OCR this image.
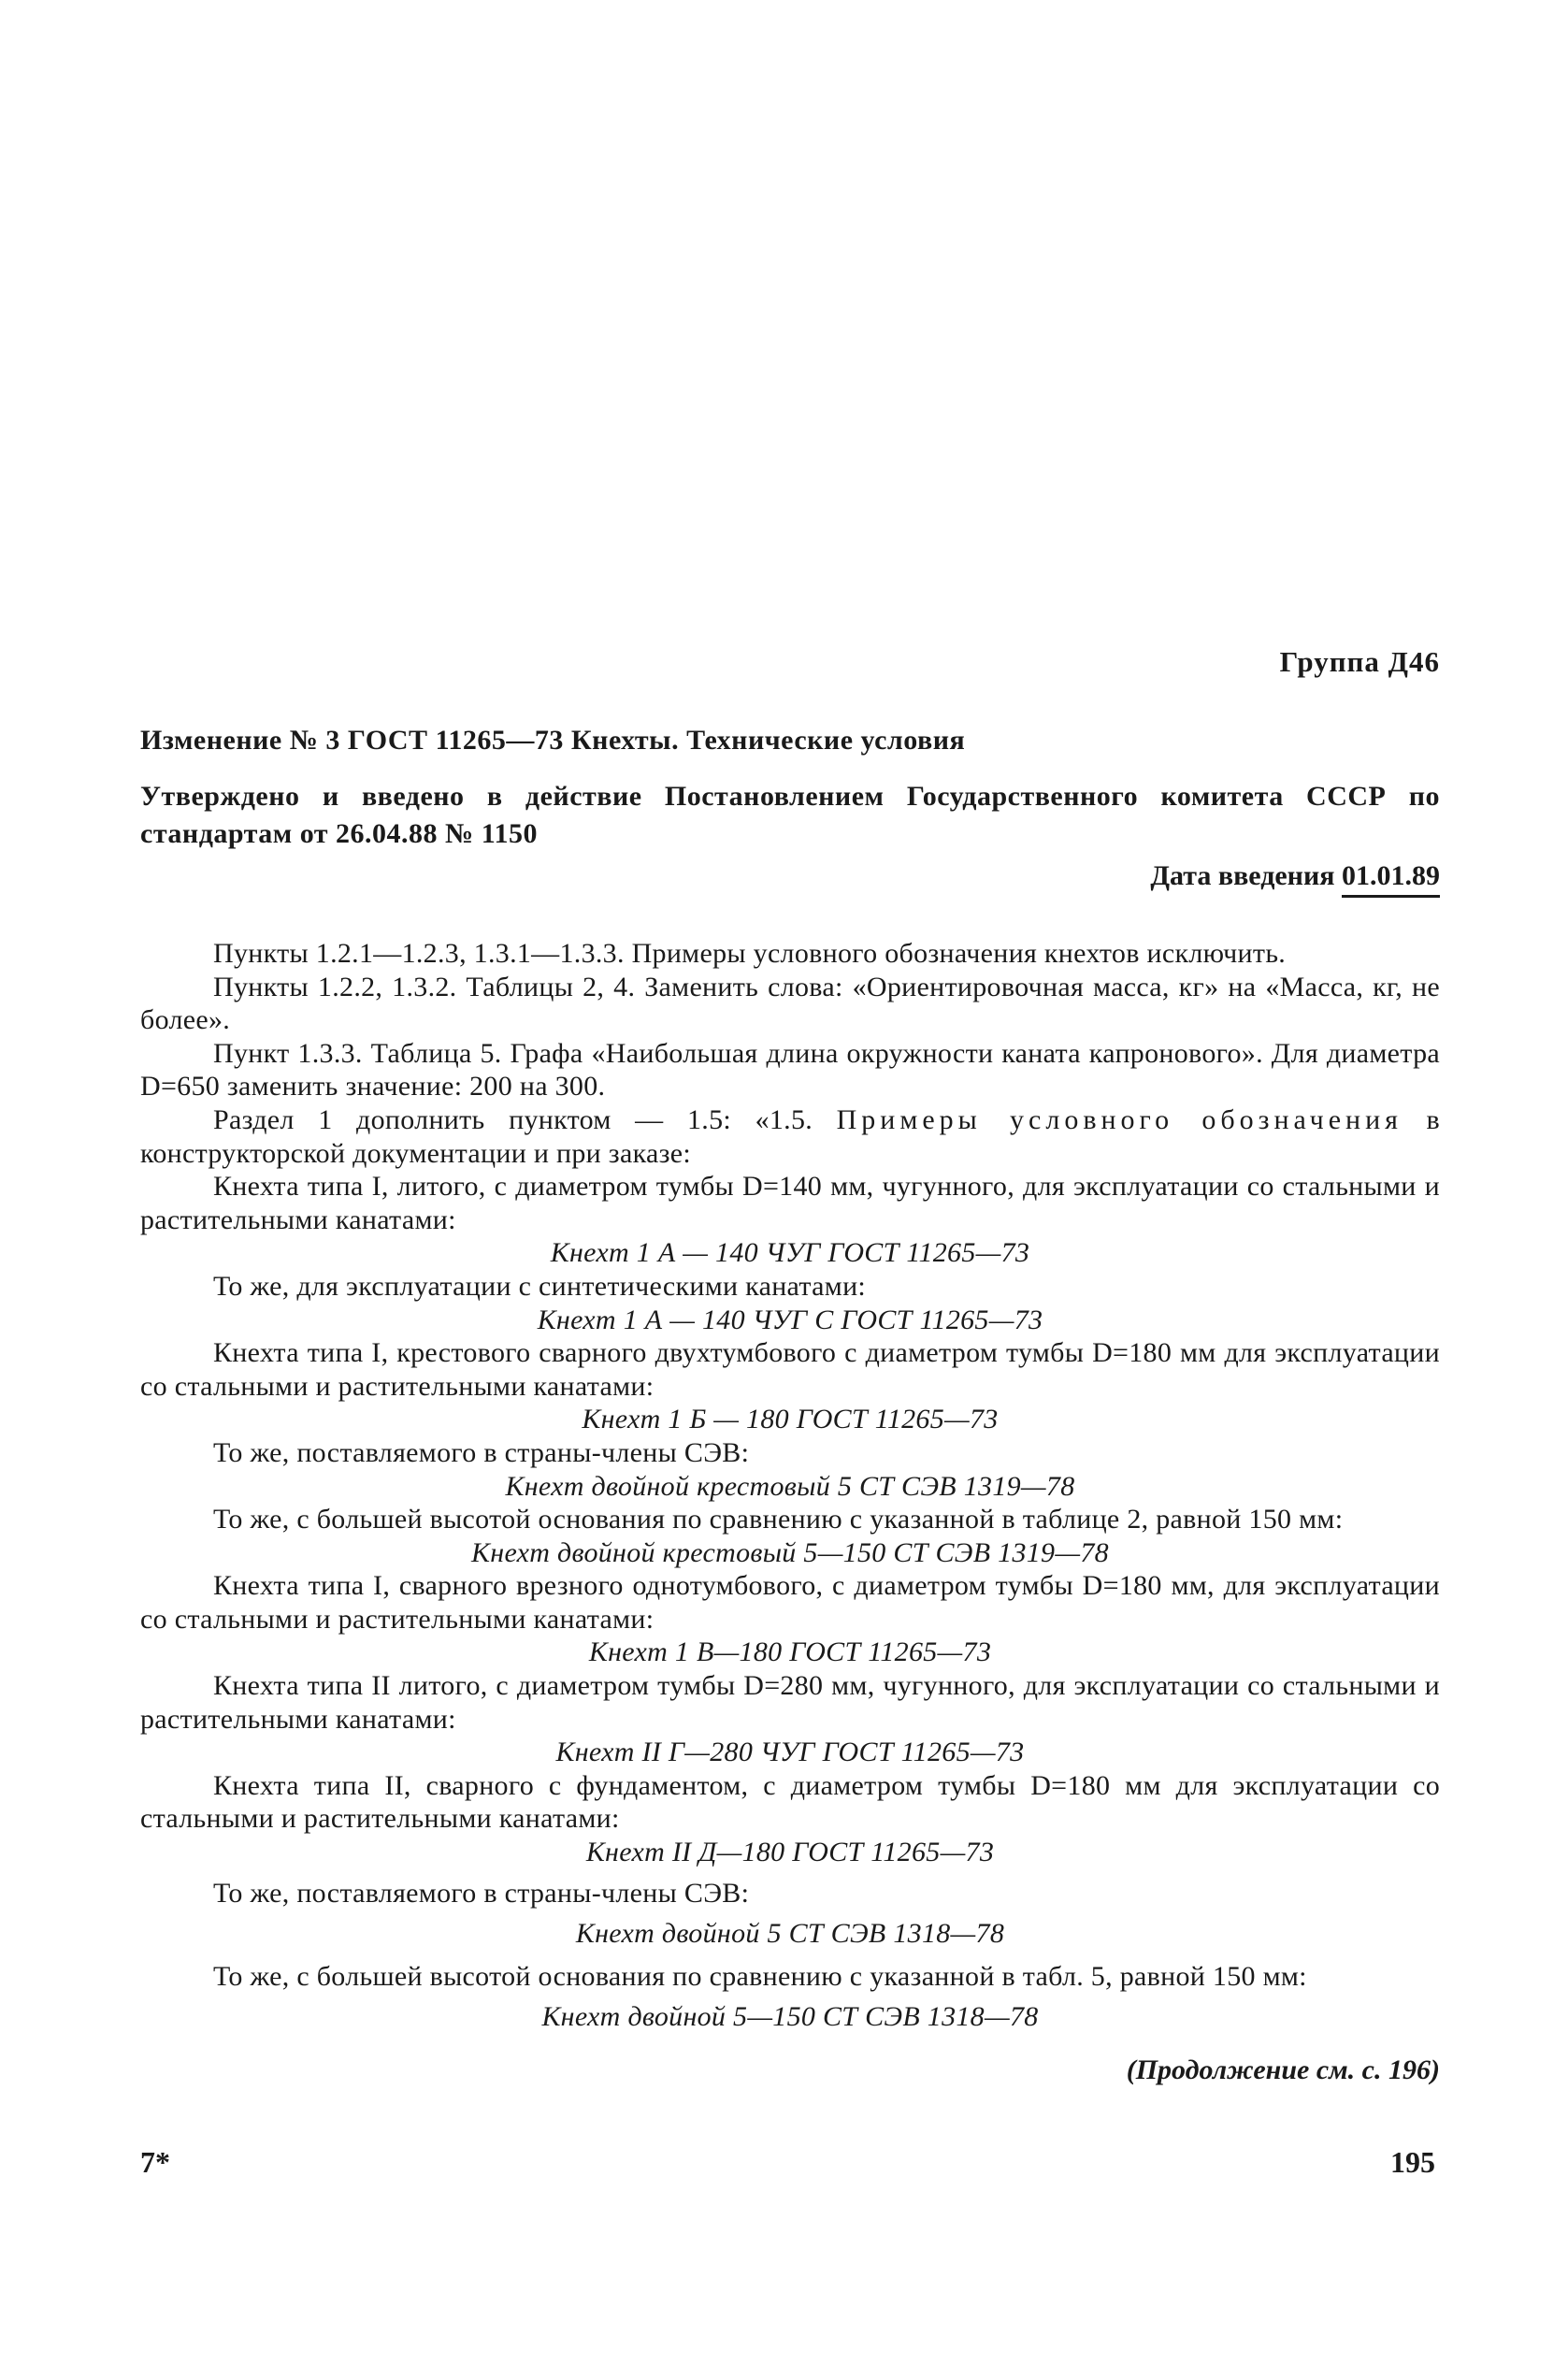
Группа Д46

Изменение № 3 ГОСТ 11265—73 Кнехты. Технические условия

Утверждено и введено в действие Постановлением Государственного комитета СССР по стандартам от 26.04.88 № 1150

Дата введения 01.01.89

Пункты 1.2.1—1.2.3, 1.3.1—1.3.3. Примеры условного обозначения кнехтов исключить.

Пункты 1.2.2, 1.3.2. Таблицы 2, 4. Заменить слова: «Ориентировочная масса, кг» на «Масса, кг, не более».

Пункт 1.3.3. Таблица 5. Графа «Наибольшая длина окружности каната капронового». Для диаметра D=650 заменить значение: 200 на 300.

Раздел 1 дополнить пунктом — 1.5: «1.5. Примеры условного обозначения в конструкторской документации и при заказе:

Кнехта типа I, литого, с диаметром тумбы D=140 мм, чугунного, для эксплуатации со стальными и растительными канатами:

Кнехт 1 А — 140 ЧУГ ГОСТ 11265—73

То же, для эксплуатации с синтетическими канатами:

Кнехт 1 А — 140 ЧУГ С ГОСТ 11265—73

Кнехта типа I, крестового сварного двухтумбового с диаметром тумбы D=180 мм для эксплуатации со стальными и растительными канатами:

Кнехт 1 Б — 180 ГОСТ 11265—73

То же, поставляемого в страны-члены СЭВ:

Кнехт двойной крестовый 5 СТ СЭВ 1319—78

То же, с большей высотой основания по сравнению с указанной в таблице 2, равной 150 мм:

Кнехт двойной крестовый 5—150 СТ СЭВ 1319—78

Кнехта типа I, сварного врезного однотумбового, с диаметром тумбы D=180 мм, для эксплуатации со стальными и растительными канатами:

Кнехт 1 В—180 ГОСТ 11265—73

Кнехта типа II литого, с диаметром тумбы D=280 мм, чугунного, для эксплуатации со стальными и растительными канатами:

Кнехт II Г—280 ЧУГ ГОСТ 11265—73

Кнехта типа II, сварного с фундаментом, с диаметром тумбы D=180 мм для эксплуатации со стальными и растительными канатами:

Кнехт II Д—180 ГОСТ 11265—73

То же, поставляемого в страны-члены СЭВ:

Кнехт двойной 5 СТ СЭВ 1318—78

То же, с большей высотой основания по сравнению с указанной в табл. 5, равной 150 мм:

Кнехт двойной 5—150 СТ СЭВ 1318—78

(Продолжение см. с. 196)
7*	195
